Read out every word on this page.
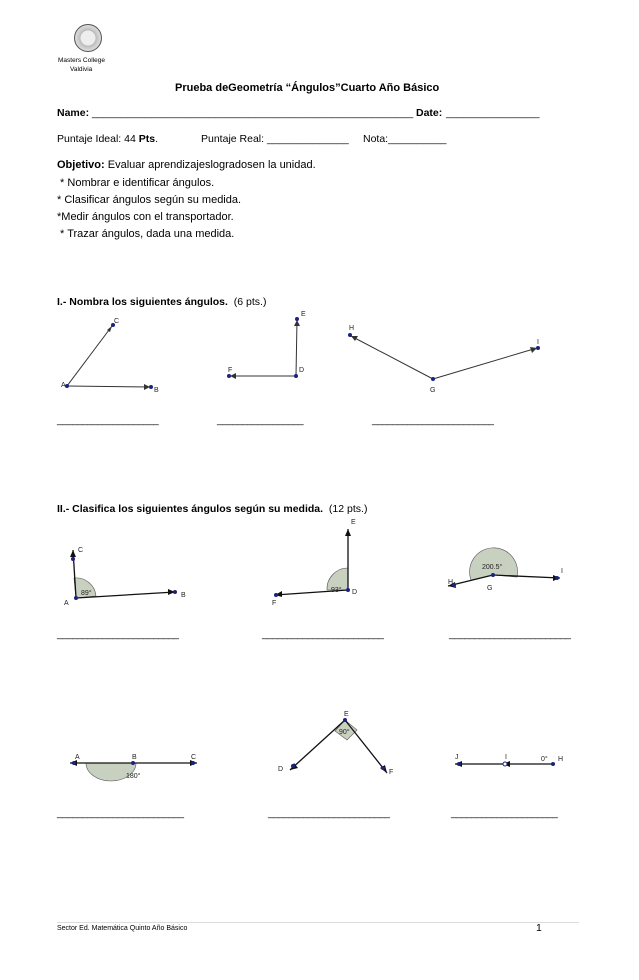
Masters College
Valdivia
Prueba deGeometría “Ángulos”Cuarto Año Básico
Name: _______________________________________________________ Date: ________________
Puntaje Ideal: 44 Pts.	Puntaje Real: ______________ Nota:__________
Objetivo: Evaluar aprendizajeslogradosen la unidad.
* Nombrar e identificar ángulos.
* Clasificar ángulos según su medida.
*Medir ángulos con el transportador.
* Trazar ángulos, dada una medida.
I.- Nombra los siguientes ángulos. (6 pts.)
A
B
C
E
F	D
H
G
I
____________________	_________________	________________________
II.- Clasifica los siguientes ángulos según su medida. (12 pts.)
C
A
B
89°
E
F
D
93°
H
G
I
200.5°
________________________	________________________	________________________
A	B	C
180°
E
D	F
90°
J	I	H
0°
_________________________	________________________	_____________________
Sector Ed. Matemática Quinto Año Básico	1
